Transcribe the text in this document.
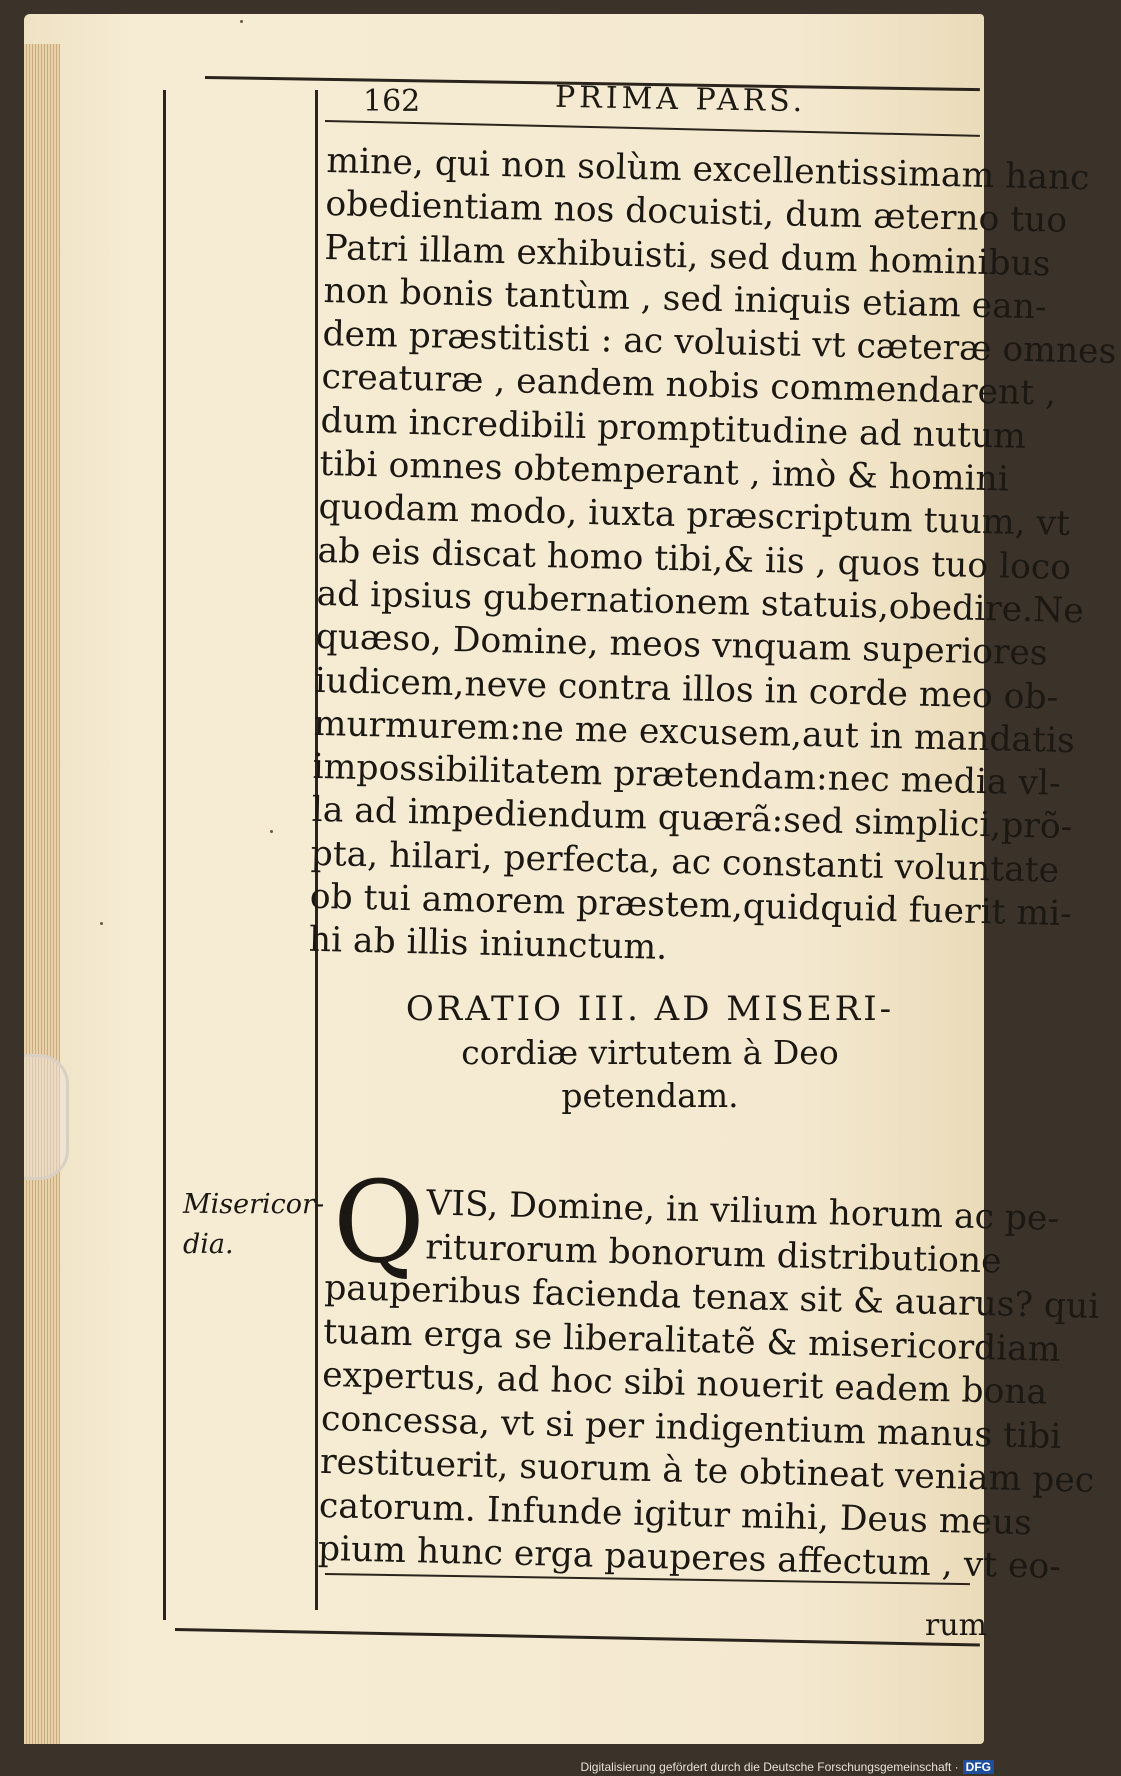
162	PRIMA PARS.
mine, qui non solùm excellentissimam hanc
obedientiam nos docuisti, dum æterno tuo
Patri illam exhibuisti, sed dum hominibus
non bonis tantùm , sed iniquis etiam ean-
dem præstitisti : ac voluisti vt cæteræ omnes
creaturæ , eandem nobis commendarent ,
dum incredibili promptitudine ad nutum
tibi omnes obtemperant , imò & homini
quodam modo, iuxta præscriptum tuum, vt
ab eis discat homo tibi,& iis , quos tuo loco
ad ipsius gubernationem statuis,obedire.Ne
quæso, Domine, meos vnquam superiores
iudicem,neve contra illos in corde meo ob-
murmurem:ne me excusem,aut in mandatis
impossibilitatem prætendam:nec media vl-
la ad impediendum quærã:sed simplici,prõ-
pta, hilari, perfecta, ac constanti voluntate
ob tui amorem præstem,quidquid fuerit mi-
hi ab illis iniunctum.
ORATIO III. AD MISERI-
cordiæ virtutem à Deo
petendam.
Misericor-
dia. Q VIS, Domine, in vilium horum ac pe-
riturorum bonorum distributione
pauperibus facienda tenax sit & auarus? qui
tuam erga se liberalitatẽ & misericordiam
expertus, ad hoc sibi nouerit eadem bona
concessa, vt si per indigentium manus tibi
restituerit, suorum à te obtineat veniam pec
catorum. Infunde igitur mihi, Deus meus
pium hunc erga pauperes affectum , vt eo-
rum
Digitalisierung gefördert durch die Deutsche Forschungsgemeinschaft · DFG
